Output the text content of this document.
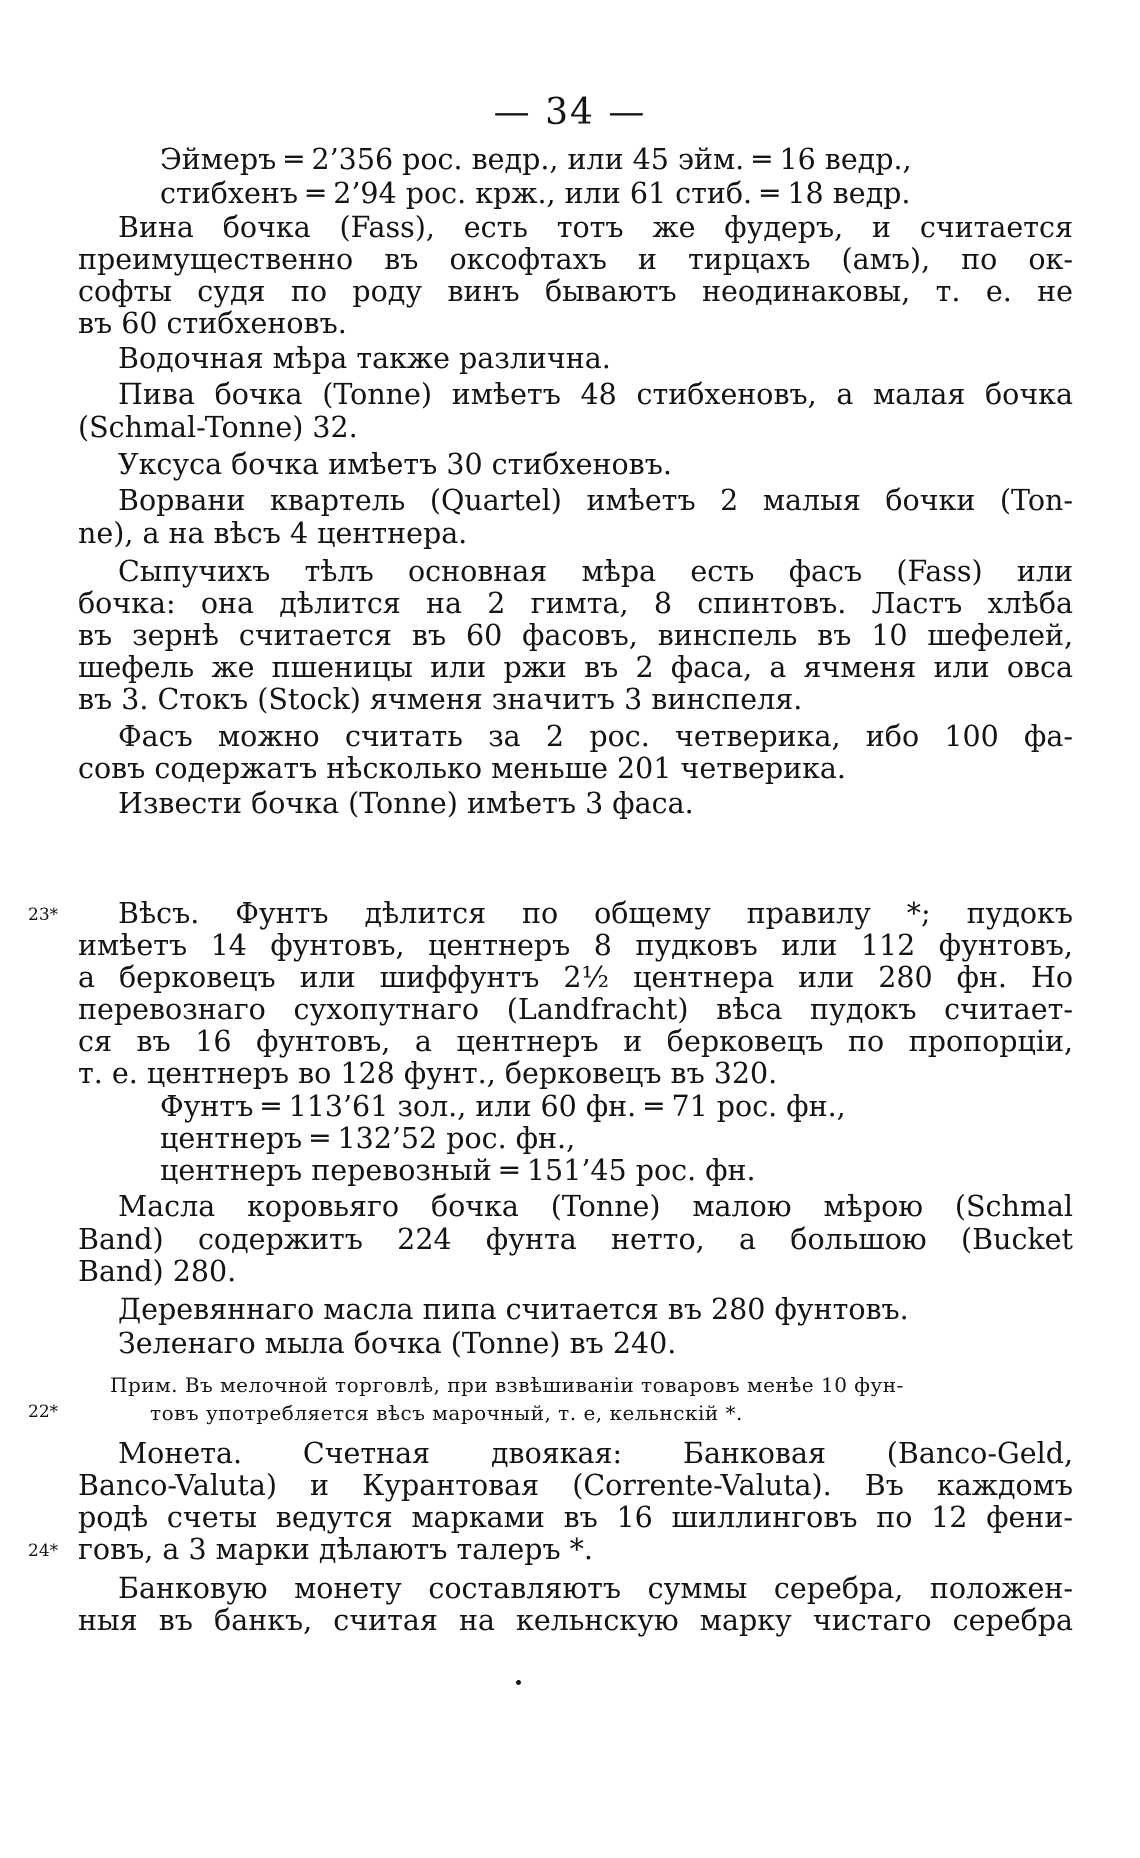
— 34 —
Эймеръ ═ 2’356 рос. ведр., или 45 эйм. ═ 16 ведр.,
стибхенъ ═ 2’94 рос. крж., или 61 стиб. ═ 18 ведр.
Вина бочка (Fass), есть тотъ же фудеръ, и считается
преимущественно въ оксофтахъ и тирцахъ (амъ), по ок-
софты судя по роду винъ бываютъ неодинаковы, т. е. не
въ 60 стибхеновъ.
Водочная мѣра также различна.
Пива бочка (Tonne) имѣетъ 48 стибхеновъ, а малая бочка
(Schmal-Tonne) 32.
Уксуса бочка имѣетъ 30 стибхеновъ.
Ворвани квартель (Quartel) имѣетъ 2 малыя бочки (Ton-
ne), а на вѣсъ 4 центнера.
Сыпучихъ тѣлъ основная мѣра есть фасъ (Fass) или
бочка: она дѣлится на 2 гимта, 8 спинтовъ. Ластъ хлѣба
въ зернѣ считается въ 60 фасовъ, винспель въ 10 шефелей,
шефель же пшеницы или ржи въ 2 фаса, а ячменя или овса
въ 3. Стокъ (Stock) ячменя значитъ 3 винспеля.
Фасъ можно считать за 2 рос. четверика, ибо 100 фа-
совъ содержатъ нѣсколько меньше 201 четверика.
Извести бочка (Tonne) имѣетъ 3 фаса.
23*	Вѣсъ. Фунтъ дѣлится по общему правилу *; пудокъ
имѣетъ 14 фунтовъ, центнеръ 8 пудковъ или 112 фунтовъ,
а берковецъ или шиффунтъ 2½ центнера или 280 фн. Но
перевознаго сухопутнаго (Landfracht) вѣса пудокъ считает-
ся въ 16 фунтовъ, а центнеръ и берковецъ по пропорціи,
т. е. центнеръ во 128 фунт., берковецъ въ 320.
Фунтъ ═ 113’61 зол., или 60 фн. ═ 71 рос. фн.,
центнеръ ═ 132’52 рос. фн.,
центнеръ перевозный ═ 151’45 рос. фн.
Масла коровьяго бочка (Tonne) малою мѣрою (Schmal
Band) содержитъ 224 фунта нетто, а большою (Bucket
Band) 280.
Деревяннаго масла пипа считается въ 280 фунтовъ.
Зеленаго мыла бочка (Tonne) въ 240.
Прим. Въ мелочной торговлѣ, при взвѣшиваніи товаровъ менѣе 10 фун-
22*	товъ употребляется вѣсъ марочный, т. е, кельнскій *.
Монета. Счетная двоякая: Банковая (Banco-Geld,
Banco-Valuta) и Курантовая (Corrente-Valuta). Въ каждомъ
родѣ счеты ведутся марками въ 16 шиллинговъ по 12 фени-
24* говъ, а 3 марки дѣлаютъ талеръ *.
Банковую монету составляютъ суммы серебра, положен-
ныя въ банкъ, считая на кельнскую марку чистаго серебра
